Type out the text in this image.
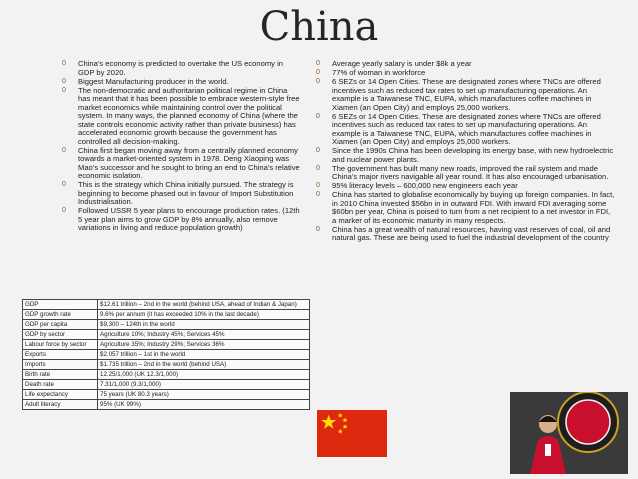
China
0	China’s economy is predicted to overtake the US economy in GDP by 2020.
0	Biggest Manufacturing producer in the world.
0	The non-democratic and authoritarian political regime in China has meant that it has been possible to embrace western-style free market economics while maintaining control over the political system. In many ways, the planned economy of China (where the state controls economic activity rather than private business) has accelerated economic growth because the government has controlled all decision-making.
0	China first began moving away from a centrally planned economy towards a market-oriented system in 1978. Deng Xiaoping was Mao’s successor and he sought to bring an end to China’s relative economic isolation.
0	This is the strategy which China initially pursued. The strategy is beginning to become phased out in favour of Import Substitution Industrialisation.
0	Followed USSR 5 year plans to encourage production rates. (12th 5 year plan aims to grow GDP by 8% annually, also remove variations in living and reduce population growth)
0	Average yearly salary is under $8k a year
0	77% of woman in workforce
0	6 SEZs or 14 Open Cities. These are designated zones where TNCs are offered incentives such as reduced tax rates to set up manufacturing operations. An example is a Taiwanese TNC, EUPA, which manufactures coffee machines in Xiamen (an Open City) and employs 25,000 workers.
0	6 SEZs or 14 Open Cities. These are designated zones where TNCs are offered incentives such as reduced tax rates to set up manufacturing operations. An example is a Taiwanese TNC, EUPA, which manufactures coffee machines in Xiamen (an Open City) and employs 25,000 workers.
0	Since the 1990s China has been developing its energy base, with new hydroelectric and nuclear power plants.
0	The government has built many new roads, improved the rail system and made China’s major rivers navigable all year round. It has also encouraged urbanisation.
0	95% literacy levels – 600,000 new engineers each year
0	China has started to globalise economically by buying up foreign companies. In fact, in 2010 China invested $56bn in in outward FDI. With inward FDI averaging some $60bn per year, China is poised to turn from a net recipient to a net investor in FDI, a marker of its economic maturity in many respects.
0	China has a great wealth of natural resources, having vast reserves of coal, oil and natural gas. These are being used to fuel the industrial development of the country
GDP	$12.61 trillion – 2nd in the world (behind USA, ahead of Indian & Japan)
GDP growth rate	9.6% per annum (it has exceeded 10% in the last decade)
GDP per capita	$9,300 – 124th in the world
GDP by sector	Agriculture 10%; Industry 45%; Services 45%
Labour force by sector	Agriculture 35%; Industry 29%; Services 36%
Exports	$2.057 trillion – 1st in the world
Imports	$1.735 trillion – 2nd in the world (behind USA)
Birth rate	12.25/1,000 (UK 12.3/1,000)
Death rate	7.31/1,000 (9.3/1,000)
Life expectancy	75 years (UK 80.3 years)
Adult literacy	95% (UK 99%)
